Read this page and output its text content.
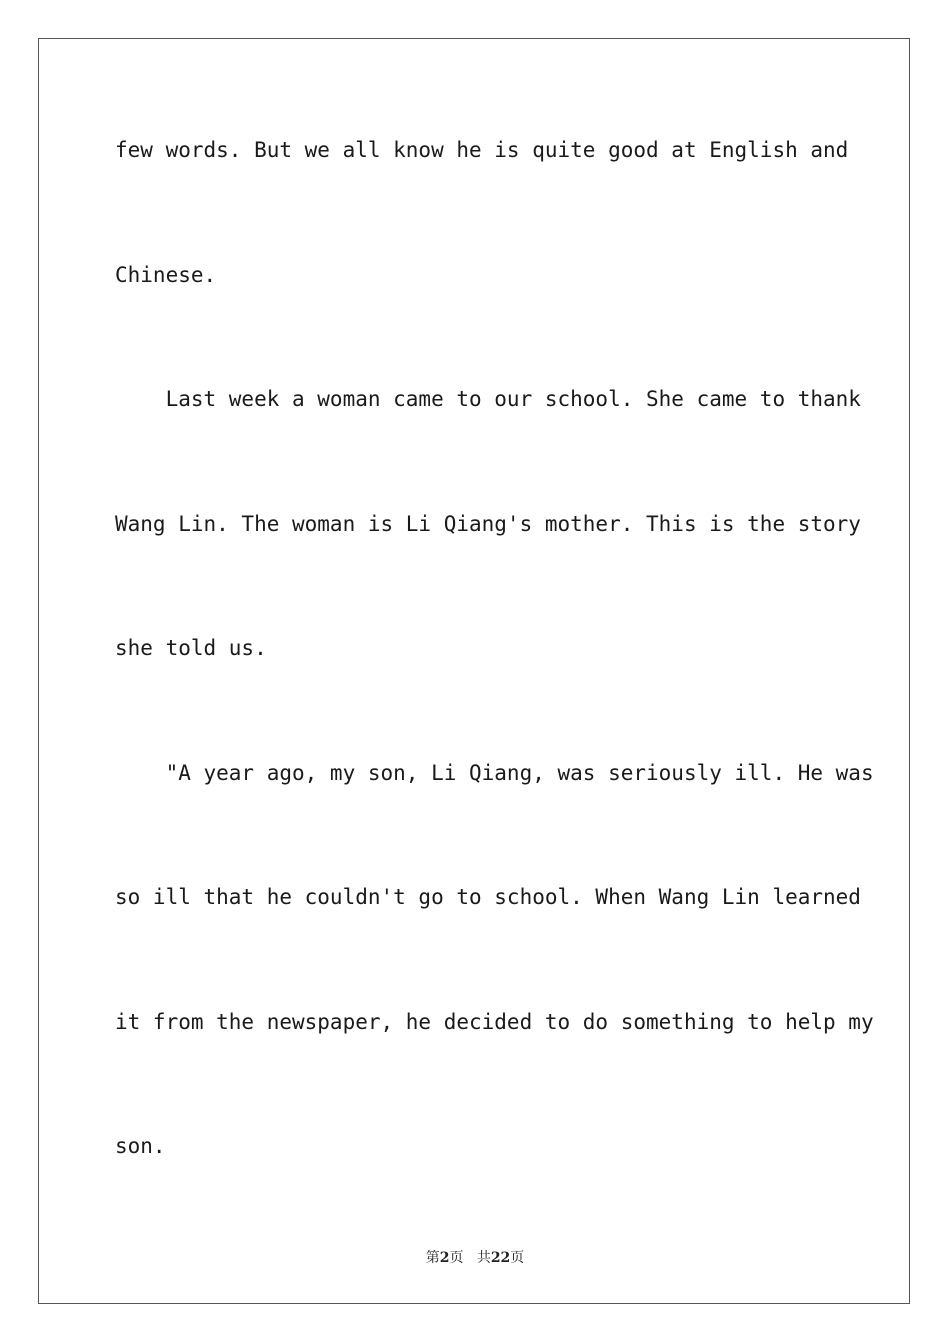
few words. But we all know he is quite good at English and
Chinese.
Last week a woman came to our school. She came to thank
Wang Lin. The woman is Li Qiang's mother. This is the story
she told us.
"A year ago, my son, Li Qiang, was seriously ill. He was
so ill that he couldn't go to school. When Wang Lin learned
it from the newspaper, he decided to do something to help my
son.
第2页 共22页
